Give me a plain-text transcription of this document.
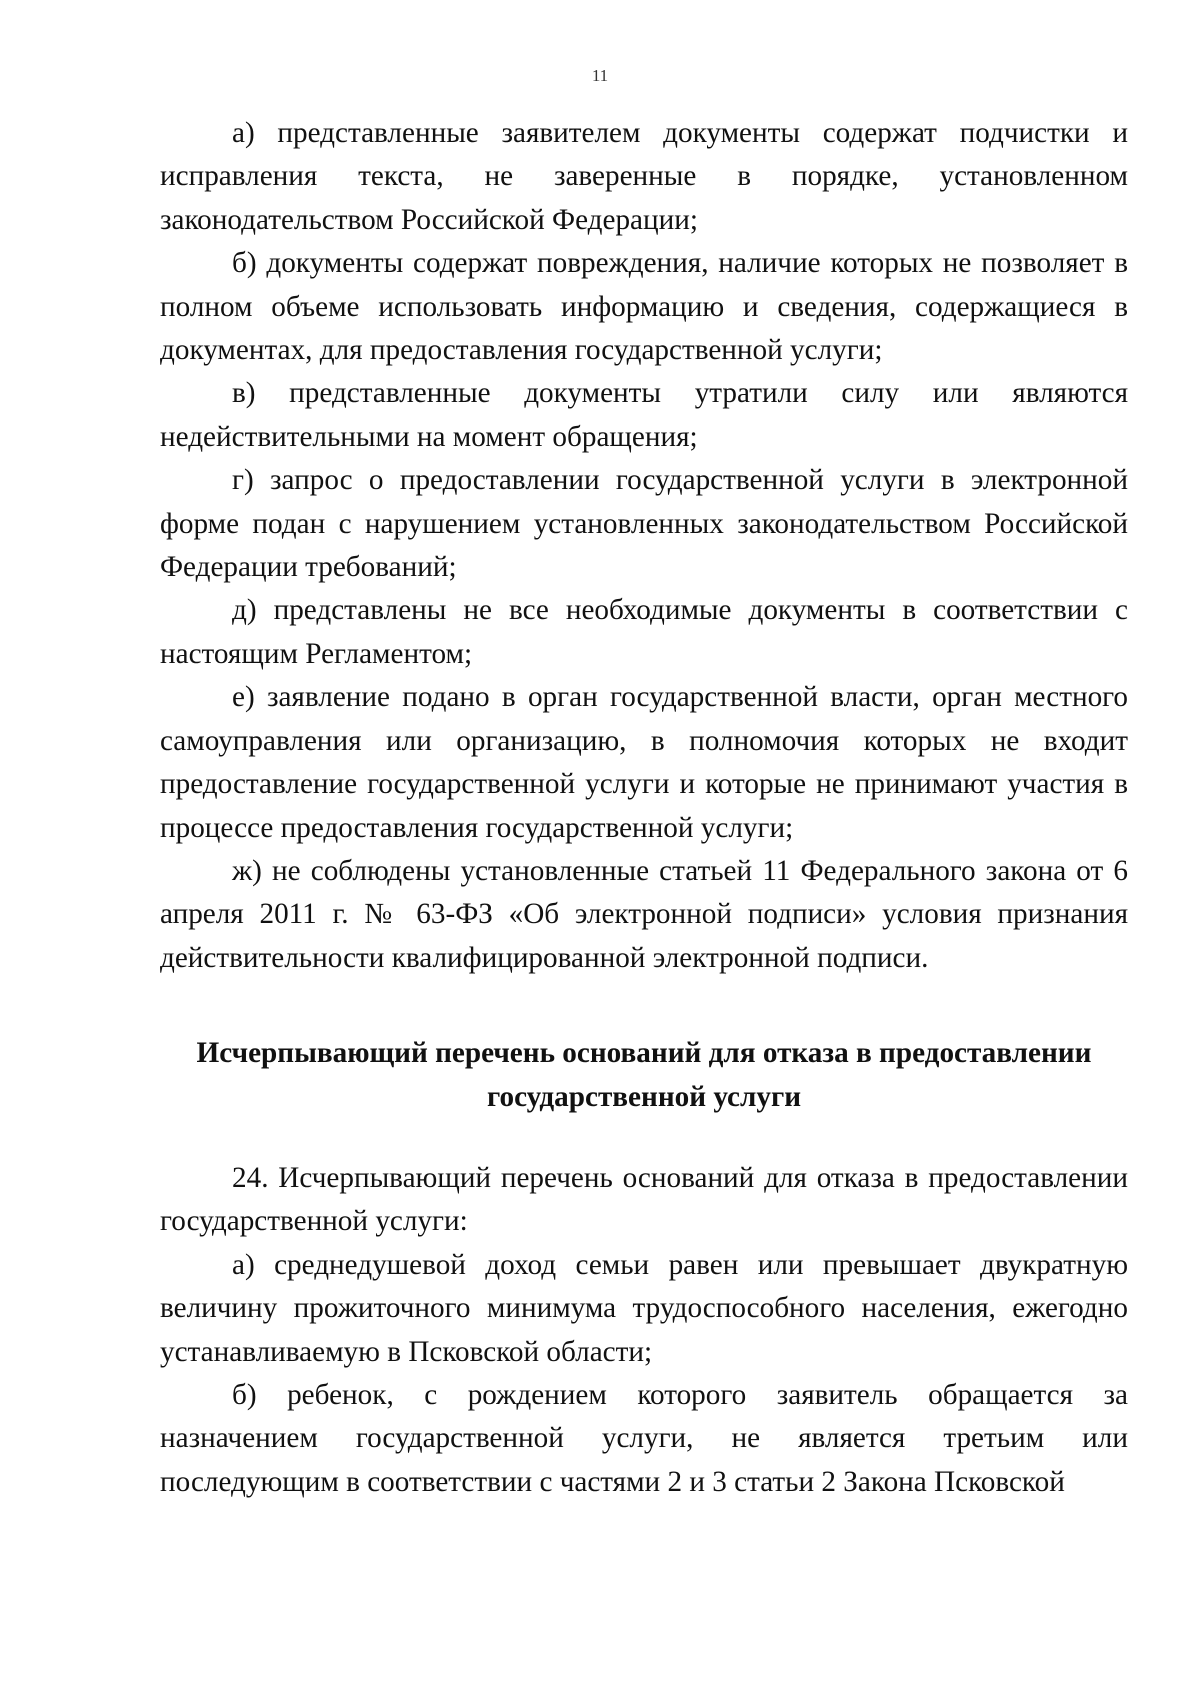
11

а) представленные заявителем документы содержат подчистки и исправления текста, не заверенные в порядке, установленном законодательством Российской Федерации;

б) документы содержат повреждения, наличие которых не позволяет в полном объеме использовать информацию и сведения, содержащиеся в документах, для предоставления государственной услуги;

в) представленные документы утратили силу или являются недействительными на момент обращения;

г) запрос о предоставлении государственной услуги в электронной форме подан с нарушением установленных законодательством Российской Федерации требований;

д) представлены не все необходимые документы в соответствии с настоящим Регламентом;

е) заявление подано в орган государственной власти, орган местного самоуправления или организацию, в полномочия которых не входит предоставление государственной услуги и которые не принимают участия в процессе предоставления государственной услуги;

ж) не соблюдены установленные статьей 11 Федерального закона от 6 апреля 2011 г. № 63-ФЗ «Об электронной подписи» условия признания действительности квалифицированной электронной подписи.

Исчерпывающий перечень оснований для отказа в предоставлении
государственной услуги

24. Исчерпывающий перечень оснований для отказа в предоставлении государственной услуги:

а) среднедушевой доход семьи равен или превышает двукратную величину прожиточного минимума трудоспособного населения, ежегодно устанавливаемую в Псковской области;

б) ребенок, с рождением которого заявитель обращается за назначением государственной услуги, не является третьим или последующим в соответствии с частями 2 и 3 статьи 2 Закона Псковской
